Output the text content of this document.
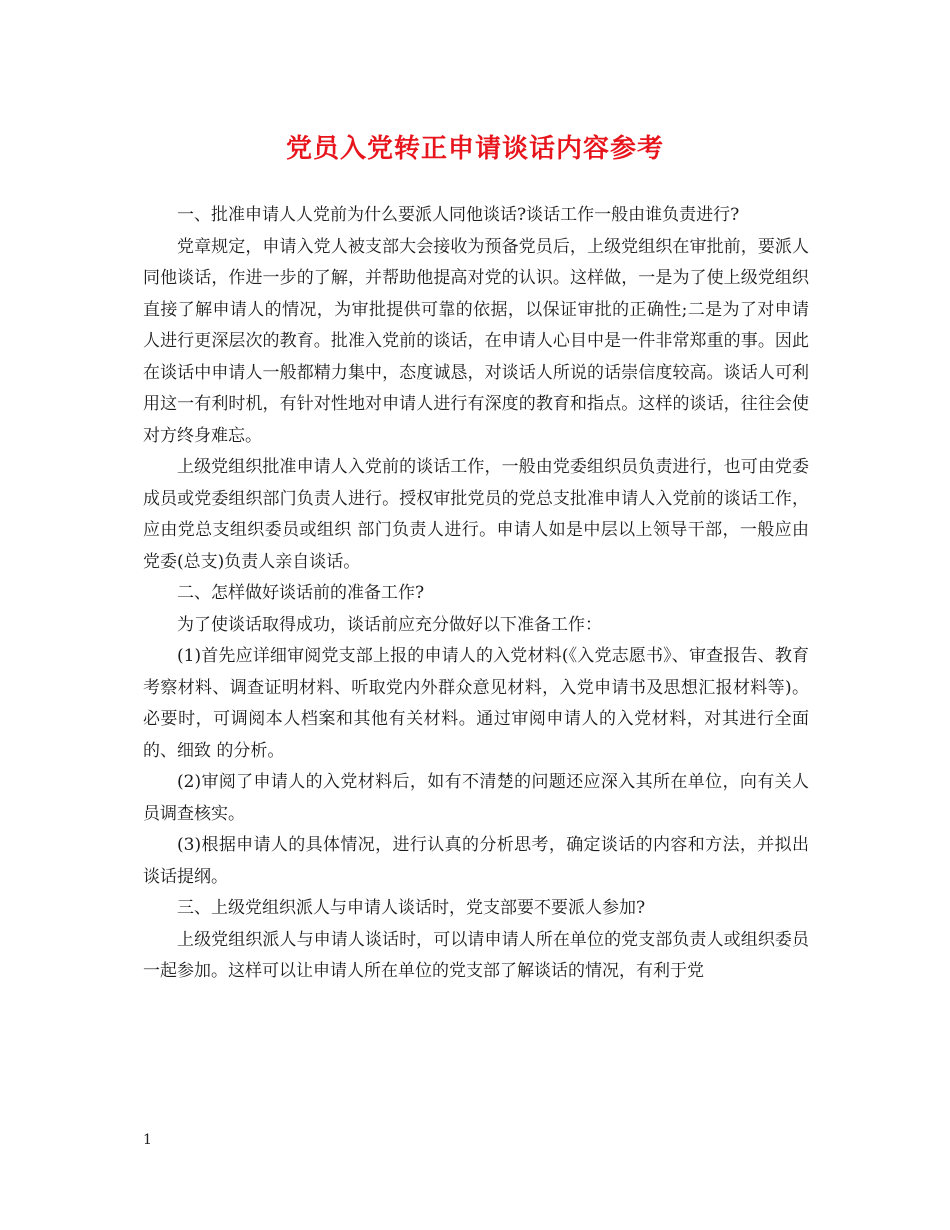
党员入党转正申请谈话内容参考

一、批准申请人人党前为什么要派人同他谈话?谈话工作一般由谁负责进行?

党章规定，申请入党人被支部大会接收为预备党员后，上级党组织在审批前，要派人同他谈话，作进一步的了解，并帮助他提高对党的认识。这样做，一是为了使上级党组织直接了解申请人的情况，为审批提供可靠的依据，以保证审批的正确性;二是为了对申请人进行更深层次的教育。批准入党前的谈话，在申请人心目中是一件非常郑重的事。因此在谈话中申请人一般都精力集中，态度诚恳，对谈话人所说的话崇信度较高。谈话人可利用这一有利时机，有针对性地对申请人进行有深度的教育和指点。这样的谈话，往往会使对方终身难忘。

上级党组织批准申请人入党前的谈话工作，一般由党委组织员负责进行，也可由党委成员或党委组织部门负责人进行。授权审批党员的党总支批准申请人入党前的谈话工作，应由党总支组织委员或组织 部门负责人进行。申请人如是中层以上领导干部，一般应由党委(总支)负责人亲自谈话。

二、怎样做好谈话前的准备工作?

为了使谈话取得成功，谈话前应充分做好以下准备工作：

(1)首先应详细审阅党支部上报的申请人的入党材料(《入党志愿书》、审查报告、教育考察材料、调查证明材料、听取党内外群众意见材料，入党申请书及思想汇报材料等)。必要时，可调阅本人档案和其他有关材料。通过审阅申请人的入党材料，对其进行全面的、细致 的分析。

(2)审阅了申请人的入党材料后，如有不清楚的问题还应深入其所在单位，向有关人员调查核实。

(3)根据申请人的具体情况，进行认真的分析思考，确定谈话的内容和方法，并拟出谈话提纲。

三、上级党组织派人与申请人谈话时，党支部要不要派人参加?

上级党组织派人与申请人谈话时，可以请申请人所在单位的党支部负责人或组织委员一起参加。这样可以让申请人所在单位的党支部了解谈话的情况，有利于党

1
